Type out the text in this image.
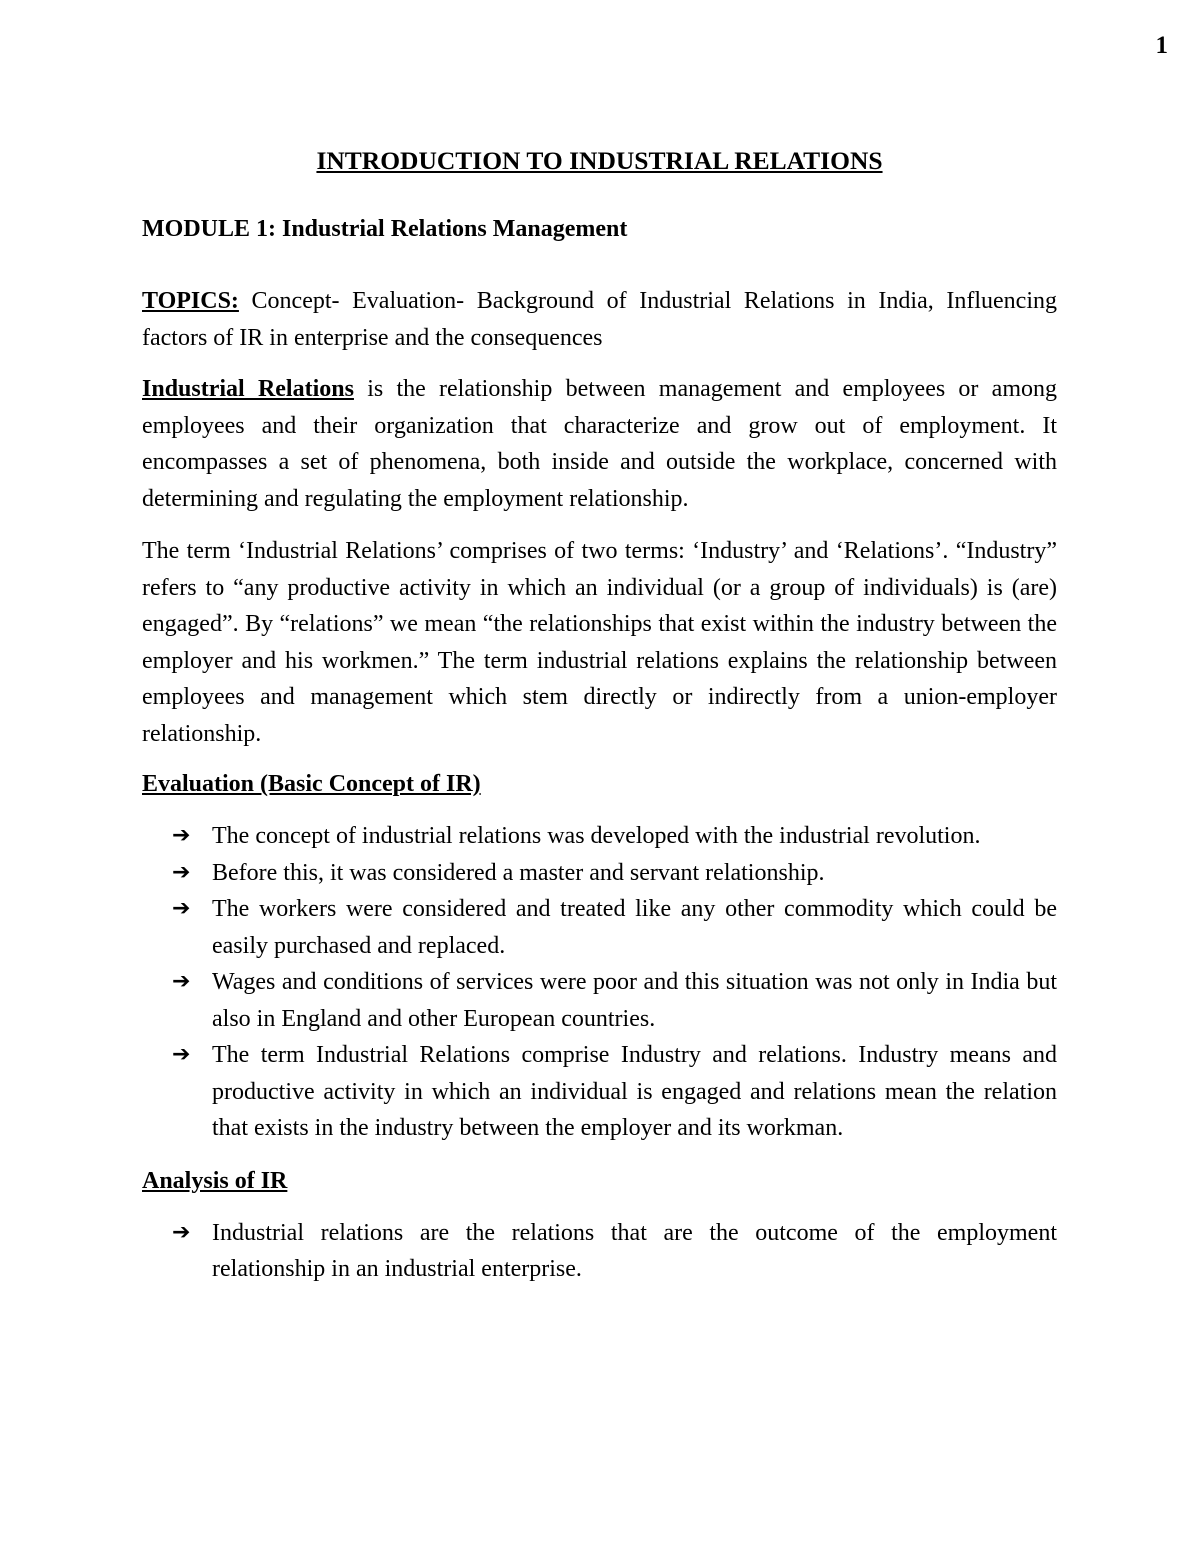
1
INTRODUCTION TO INDUSTRIAL RELATIONS

MODULE 1: Industrial Relations Management

TOPICS: Concept- Evaluation- Background of Industrial Relations in India, Influencing factors of IR in enterprise and the consequences

Industrial Relations is the relationship between management and employees or among employees and their organization that characterize and grow out of employment. It encompasses a set of phenomena, both inside and outside the workplace, concerned with determining and regulating the employment relationship.

The term ‘Industrial Relations’ comprises of two terms: ‘Industry’ and ‘Relations’. “Industry” refers to “any productive activity in which an individual (or a group of individuals) is (are) engaged”. By “relations” we mean “the relationships that exist within the industry between the employer and his workmen.” The term industrial relations explains the relationship between employees and management which stem directly or indirectly from a union-employer relationship.

Evaluation (Basic Concept of IR)

➔ The concept of industrial relations was developed with the industrial revolution.
➔ Before this, it was considered a master and servant relationship.
➔ The workers were considered and treated like any other commodity which could be easily purchased and replaced.
➔ Wages and conditions of services were poor and this situation was not only in India but also in England and other European countries.
➔ The term Industrial Relations comprise Industry and relations. Industry means and productive activity in which an individual is engaged and relations mean the relation that exists in the industry between the employer and its workman.

Analysis of IR

➔ Industrial relations are the relations that are the outcome of the employment relationship in an industrial enterprise.
